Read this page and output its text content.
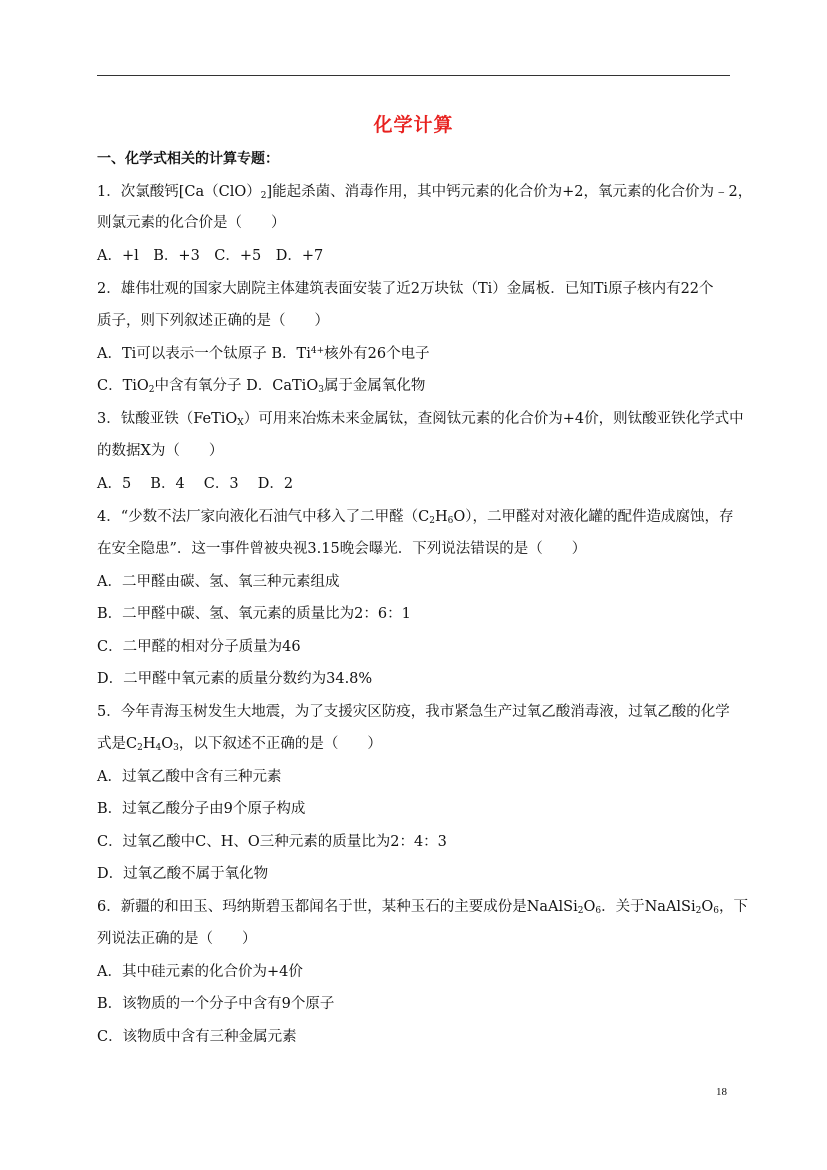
化学计算
一、化学式相关的计算专题：
1．次氯酸钙$[Ca(ClO)_2]$能起杀菌、消毒作用，其中钙元素的化合价为+2，氧元素的化合价为﹣2，
则氯元素的化合价是（　　）
A．+l　B．+3　C．+5　D．+7
2．雄伟壮观的国家大剧院主体建筑表面安装了近2万块钛（Ti）金属板．已知Ti原子核内有22个
质子，则下列叙述正确的是（　　）
A．Ti可以表示一个钛原子 B．$Ti^{4+}$核外有26个电子
C．TiO$_2$中含有氧分子 D．CaTiO$_3$属于金属氧化物
3．钛酸亚铁（FeTiO$_X$）可用来冶炼未来金属钛，查阅钛元素的化合价为+4价，则钛酸亚铁化学式中
的数据X为（　　）
A．5　 B．4　 C．3　 D．2
4．“少数不法厂家向液化石油气中移入了二甲醛$(C_2H_6O)$，二甲醛对对液化罐的配件造成腐蚀，存
在安全隐患”．这一事件曾被央视3.15晚会曝光．下列说法错误的是（　　）
A．二甲醛由碳、氢、氧三种元素组成
B．二甲醛中碳、氢、氧元素的质量比为2：6：1
C．二甲醛的相对分子质量为46
D．二甲醛中氧元素的质量分数约为34.8%
5．今年青海玉树发生大地震，为了支援灾区防疫，我市紧急生产过氧乙酸消毒液，过氧乙酸的化学
式是$C_2H_4O_3$，以下叙述不正确的是（　　）
A．过氧乙酸中含有三种元素
B．过氧乙酸分子由9个原子构成
C．过氧乙酸中C、H、O三种元素的质量比为2：4：3
D．过氧乙酸不属于氧化物
6．新疆的和田玉、玛纳斯碧玉都闻名于世，某种玉石的主要成份是$NaAlSi_2O_6$．关于$NaAlSi_2O_6$，下
列说法正确的是（　　）
A．其中硅元素的化合价为+4价
B．该物质的一个分子中含有9个原子
C．该物质中含有三种金属元素
18
